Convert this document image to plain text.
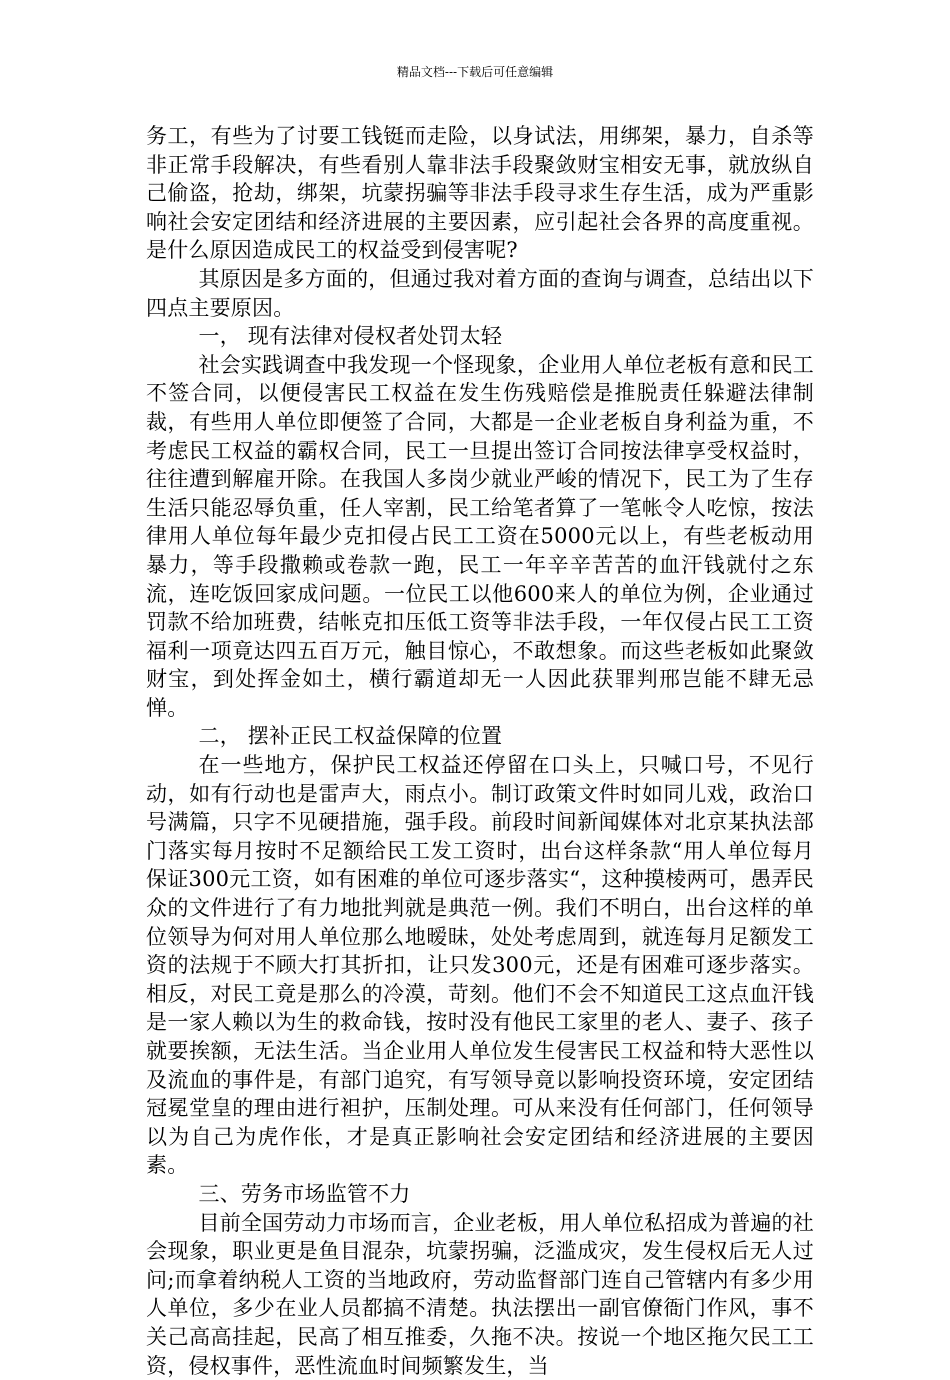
精品文档---下载后可任意编辑

务工，有些为了讨要工钱铤而走险，以身试法，用绑架，暴力，自杀等非正常手段解决，有些看别人靠非法手段聚敛财宝相安无事，就放纵自己偷盗，抢劫，绑架，坑蒙拐骗等非法手段寻求生存生活，成为严重影响社会安定团结和经济进展的主要因素，应引起社会各界的高度重视。是什么原因造成民工的权益受到侵害呢?

其原因是多方面的，但通过我对着方面的查询与调查，总结出以下四点主要原因。

一， 现有法律对侵权者处罚太轻

社会实践调查中我发现一个怪现象，企业用人单位老板有意和民工不签合同，以便侵害民工权益在发生伤残赔偿是推脱责任躲避法律制裁，有些用人单位即便签了合同，大都是一企业老板自身利益为重，不考虑民工权益的霸权合同，民工一旦提出签订合同按法律享受权益时，往往遭到解雇开除。在我国人多岗少就业严峻的情况下，民工为了生存生活只能忍辱负重，任人宰割，民工给笔者算了一笔帐令人吃惊，按法律用人单位每年最少克扣侵占民工工资在5000元以上，有些老板动用暴力，等手段撒赖或卷款一跑，民工一年辛辛苦苦的血汗钱就付之东流，连吃饭回家成问题。一位民工以他600来人的单位为例，企业通过罚款不给加班费，结帐克扣压低工资等非法手段，一年仅侵占民工工资福利一项竟达四五百万元，触目惊心，不敢想象。而这些老板如此聚敛财宝，到处挥金如土，横行霸道却无一人因此获罪判邢岂能不肆无忌惮。

二， 摆补正民工权益保障的位置

在一些地方，保护民工权益还停留在口头上，只喊口号，不见行动，如有行动也是雷声大，雨点小。制订政策文件时如同儿戏，政治口号满篇，只字不见硬措施，强手段。前段时间新闻媒体对北京某执法部门落实每月按时不足额给民工发工资时，出台这样条款“用人单位每月保证300元工资，如有困难的单位可逐步落实“，这种摸棱两可，愚弄民众的文件进行了有力地批判就是典范一例。我们不明白，出台这样的单位领导为何对用人单位那么地暧昧，处处考虑周到，就连每月足额发工资的法规于不顾大打其折扣，让只发300元，还是有困难可逐步落实。相反，对民工竟是那么的冷漠，苛刻。他们不会不知道民工这点血汗钱是一家人赖以为生的救命钱，按时没有他民工家里的老人、妻子、孩子就要挨额，无法生活。当企业用人单位发生侵害民工权益和特大恶性以及流血的事件是，有部门追究，有写领导竟以影响投资环境，安定团结冠冕堂皇的理由进行袒护，压制处理。可从来没有任何部门，任何领导以为自己为虎作伥，才是真正影响社会安定团结和经济进展的主要因素。

三、劳务市场监管不力

目前全国劳动力市场而言，企业老板，用人单位私招成为普遍的社会现象，职业更是鱼目混杂，坑蒙拐骗，泛滥成灾，发生侵权后无人过问;而拿着纳税人工资的当地政府，劳动监督部门连自己管辖内有多少用人单位，多少在业人员都搞不清楚。执法摆出一副官僚衙门作风，事不关己高高挂起，民高了相互推委，久拖不决。按说一个地区拖欠民工工资，侵权事件，恶性流血时间频繁发生，当
